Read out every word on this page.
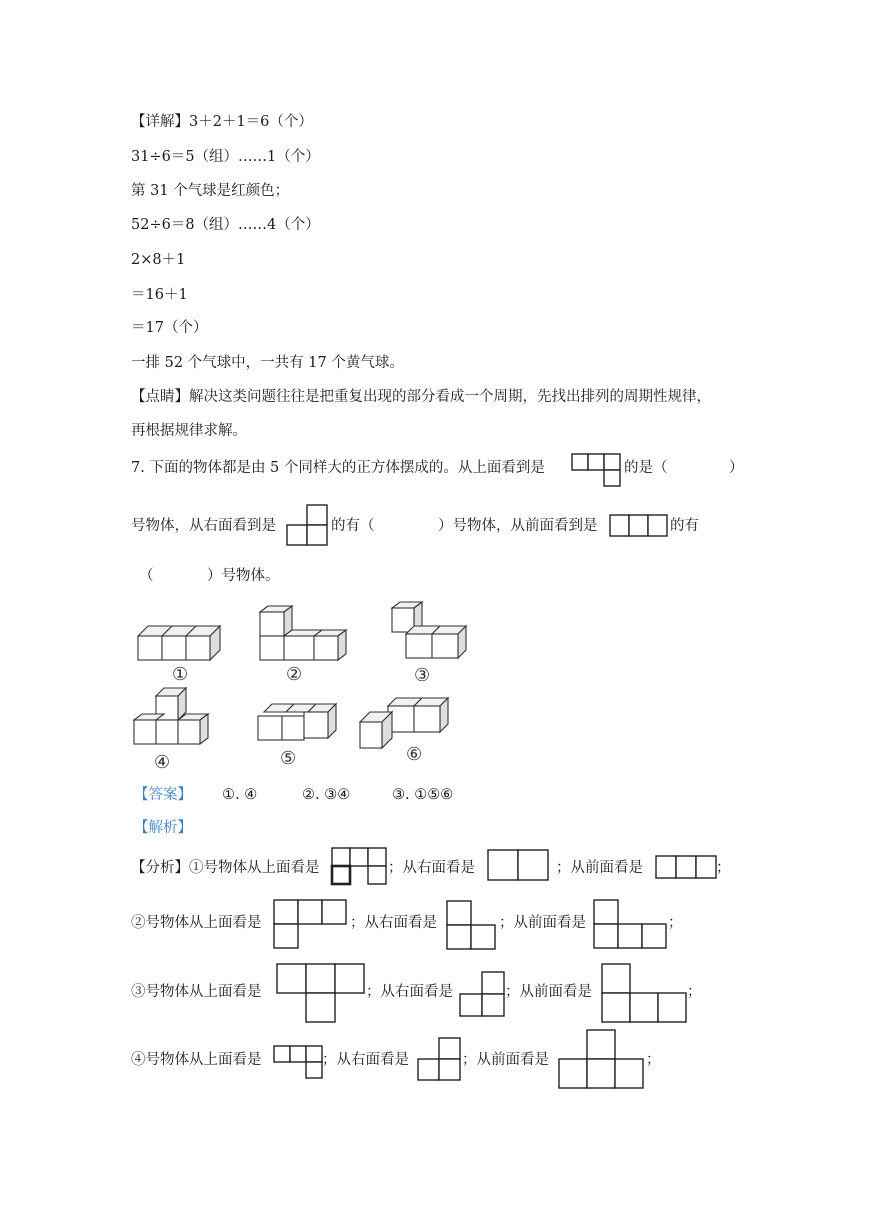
【详解】3＋2＋1＝6（个）
31÷6＝5（组）……1（个）
第 31 个气球是红颜色；
52÷6＝8（组）……4（个）
2×8＋1
＝16＋1
＝17（个）
一排 52 个气球中，一共有 17 个黄气球。
【点睛】解决这类问题往往是把重复出现的部分看成一个周期，先找出排列的周期性规律，
再根据规律求解。
7. 下面的物体都是由 5 个同样大的正方体摆成的。从上面看到是	的是（	）
号物体，从右面看到是	的有（	）号物体，从前面看到是	的有
（	）号物体。
①	②	③
④	⑤	⑥
【答案】 ①. ④	②. ③④	③. ①⑤⑥
【解析】
【分析】①号物体从上面看是	；从右面看是	；从前面看是	；
②号物体从上面看是	；从右面看是	；从前面看是	；
③号物体从上面看是	；从右面看是	；从前面看是	；
④号物体从上面看是	；从右面看是	；从前面看是	；
